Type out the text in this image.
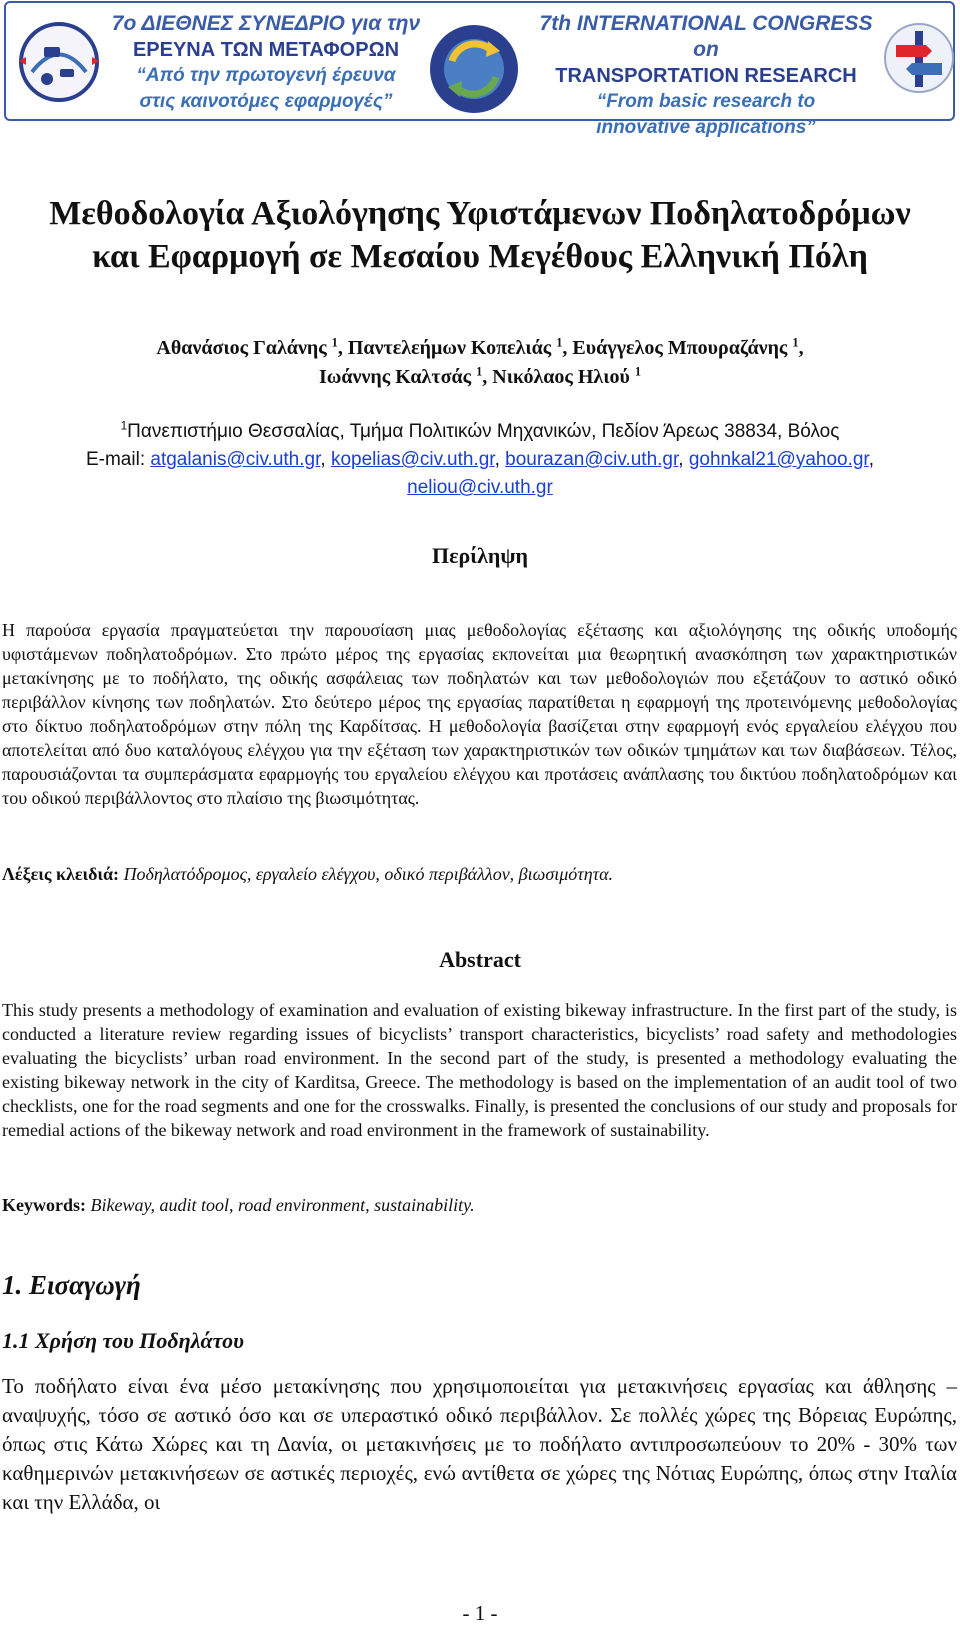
7ο ΔΙΕΘΝΕΣ ΣΥΝΕΔΡΙΟ για την
ΕΡΕΥΝΑ ΤΩΝ ΜΕΤΑΦΟΡΩΝ
“Από την πρωτογενή έρευνα
στις καινοτόμες εφαρμογές”
7th INTERNATIONAL CONGRESS on
TRANSPORTATION RESEARCH
“From basic research to
innovative applications”
Μεθοδολογία Αξιολόγησης Υφιστάμενων Ποδηλατοδρόμων
και Εφαρμογή σε Μεσαίου Μεγέθους Ελληνική Πόλη
Αθανάσιος Γαλάνης $^1$, Παντελεήμων Κοπελιάς $^1$, Ευάγγελος Μπουραζάνης $^1$,
Ιωάννης Καλτσάς $^1$, Νικόλαος Ηλιού $^1$
$^1$Πανεπιστήμιο Θεσσαλίας, Τμήμα Πολιτικών Μηχανικών, Πεδίον Άρεως 38834, Βόλος
E-mail: atgalanis@civ.uth.gr, kopelias@civ.uth.gr, bourazan@civ.uth.gr, gohnkal21@yahoo.gr,
neliou@civ.uth.gr
Περίληψη
Η παρούσα εργασία πραγματεύεται την παρουσίαση μιας μεθοδολογίας εξέτασης και αξιολόγησης της οδικής υποδομής υφιστάμενων ποδηλατοδρόμων. Στο πρώτο μέρος της εργασίας εκπονείται μια θεωρητική ανασκόπηση των χαρακτηριστικών μετακίνησης με το ποδήλατο, της οδικής ασφάλειας των ποδηλατών και των μεθοδολογιών που εξετάζουν το αστικό οδικό περιβάλλον κίνησης των ποδηλατών. Στο δεύτερο μέρος της εργασίας παρατίθεται η εφαρμογή της προτεινόμενης μεθοδολογίας στο δίκτυο ποδηλατοδρόμων στην πόλη της Καρδίτσας. Η μεθοδολογία βασίζεται στην εφαρμογή ενός εργαλείου ελέγχου που αποτελείται από δυο καταλόγους ελέγχου για την εξέταση των χαρακτηριστικών των οδικών τμημάτων και των διαβάσεων. Τέλος, παρουσιάζονται τα συμπεράσματα εφαρμογής του εργαλείου ελέγχου και προτάσεις ανάπλασης του δικτύου ποδηλατοδρόμων και του οδικού περιβάλλοντος στο πλαίσιο της βιωσιμότητας.
Λέξεις κλειδιά: Ποδηλατόδρομος, εργαλείο ελέγχου, οδικό περιβάλλον, βιωσιμότητα.
Abstract
This study presents a methodology of examination and evaluation of existing bikeway infrastructure. In the first part of the study, is conducted a literature review regarding issues of bicyclists’ transport characteristics, bicyclists’ road safety and methodologies evaluating the bicyclists’ urban road environment. In the second part of the study, is presented a methodology evaluating the existing bikeway network in the city of Karditsa, Greece. The methodology is based on the implementation of an audit tool of two checklists, one for the road segments and one for the crosswalks. Finally, is presented the conclusions of our study and proposals for remedial actions of the bikeway network and road environment in the framework of sustainability.
Keywords: Bikeway, audit tool, road environment, sustainability.
1. Εισαγωγή
1.1 Χρήση του Ποδηλάτου
Το ποδήλατο είναι ένα μέσο μετακίνησης που χρησιμοποιείται για μετακινήσεις εργασίας και άθλησης – αναψυχής, τόσο σε αστικό όσο και σε υπεραστικό οδικό περιβάλλον. Σε πολλές χώρες της Βόρειας Ευρώπης, όπως στις Κάτω Χώρες και τη Δανία, οι μετακινήσεις με το ποδήλατο αντιπροσωπεύουν το 20% - 30% των καθημερινών μετακινήσεων σε αστικές περιοχές, ενώ αντίθετα σε χώρες της Νότιας Ευρώπης, όπως στην Ιταλία και την Ελλάδα, οι
- 1 -
